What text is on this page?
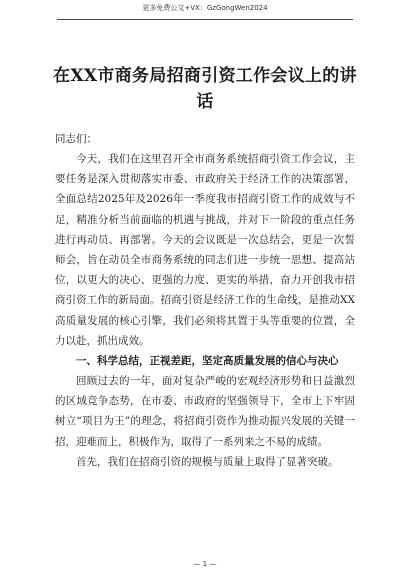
更多免费公文+VX：GzGongWen2024
在XX市商务局招商引资工作会议上的讲话

同志们：

今天，我们在这里召开全市商务系统招商引资工作会议，主要任务是深入贯彻落实市委、市政府关于经济工作的决策部署，全面总结2025年及2026年一季度我市招商引资工作的成效与不足，精准分析当前面临的机遇与挑战，并对下一阶段的重点任务进行再动员、再部署。今天的会议既是一次总结会，更是一次誓师会，旨在动员全市商务系统的同志们进一步统一思想、提高站位，以更大的决心、更强的力度、更实的举措，奋力开创我市招商引资工作的新局面。招商引资是经济工作的生命线，是推动XX高质量发展的核心引擎，我们必须将其置于头等重要的位置，全力以赴，抓出成效。

一、科学总结，正视差距，坚定高质量发展的信心与决心

回顾过去的一年，面对复杂严峻的宏观经济形势和日益激烈的区域竞争态势，在市委、市政府的坚强领导下，全市上下牢固树立“项目为王”的理念，将招商引资作为推动振兴发展的关键一招，迎难而上，积极作为，取得了一系列来之不易的成绩。

首先，我们在招商引资的规模与质量上取得了显著突破。

— 1 —
